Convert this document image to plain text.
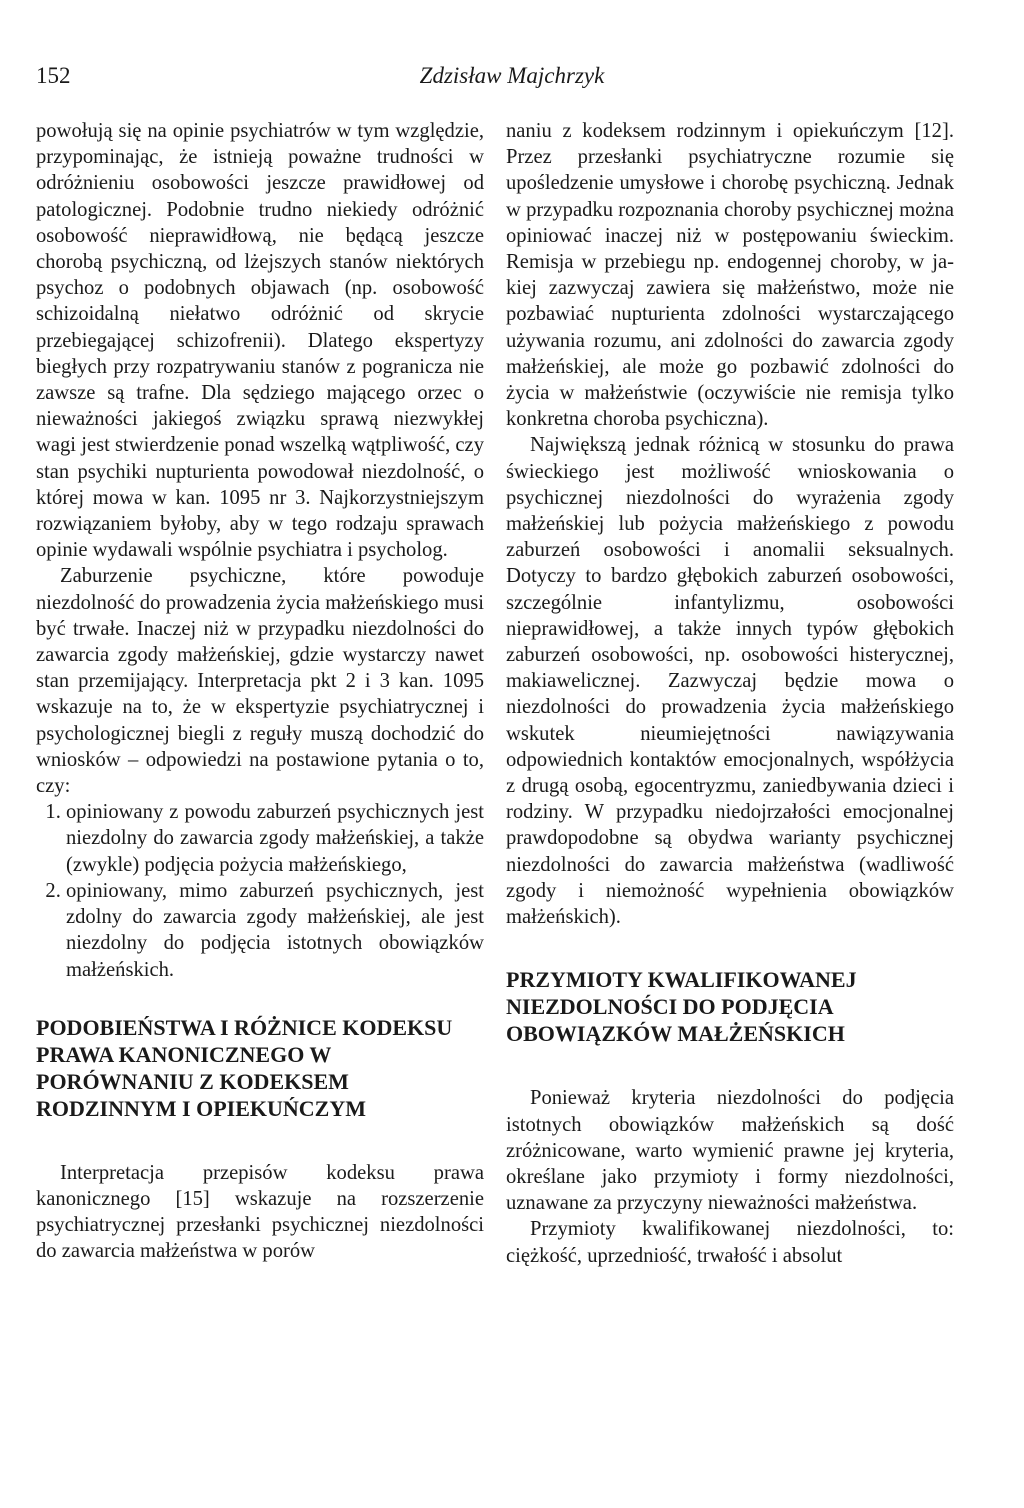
152	Zdzisław Majchrzyk

powołują się na opinie psychiatrów w tym względzie, przypominając, że istnieją poważne trudności w odróżnieniu osobowości jeszcze prawidłowej od patologicznej. Podobnie trudno niekiedy odróżnić osobowość nieprawidłową, nie będącą jeszcze chorobą psychiczną, od lżejszych stanów niektórych psychoz o podobnych objawach (np. osobowość schizoidalną niełatwo odróżnić od skrycie przebiegającej schizofrenii). Dlatego ekspertyzy biegłych przy rozpatrywaniu stanów z pogranicza nie zawsze są trafne. Dla sędziego mającego orzec o nieważności jakiegoś związku sprawą niezwykłej wagi jest stwierdzenie ponad wszelką wątpliwość, czy stan psychiki nupturienta powodował niezdolność, o której mowa w kan. 1095 nr 3. Najkorzystniejszym rozwiązaniem byłoby, aby w tego rodzaju sprawach opinie wydawali wspólnie psychiatra i psycholog.

Zaburzenie psychiczne, które powoduje niezdolność do prowadzenia życia małżeńskiego musi być trwałe. Inaczej niż w przypadku niezdolności do zawarcia zgody małżeńskiej, gdzie wystarczy nawet stan przemijający. Interpretacja pkt 2 i 3 kan. 1095 wskazuje na to, że w ekspertyzie psychiatrycznej i psychologicznej biegli z reguły muszą dochodzić do wniosków – odpowiedzi na postawione pytania o to, czy:

1. opiniowany z powodu zaburzeń psychicznych jest niezdolny do zawarcia zgody małżeńskiej, a także (zwykle) podjęcia pożycia małżeńskiego,
2. opiniowany, mimo zaburzeń psychicznych, jest zdolny do zawarcia zgody małżeńskiej, ale jest niezdolny do podjęcia istotnych obowiązków małżeńskich.
PODOBIEŃSTWA I RÓŻNICE KODEKSU PRAWA KANONICZNEGO W PORÓWNANIU Z KODEKSEM RODZINNYM I OPIEKUŃCZYM

Interpretacja przepisów kodeksu prawa kanonicznego [15] wskazuje na rozszerzenie psychiatrycznej przesłanki psychicznej niezdolności do zawarcia małżeństwa w porów

naniu z kodeksem rodzinnym i opiekuńczym [12]. Przez przesłanki psychiatryczne rozumie się upośledzenie umysłowe i chorobę psychiczną. Jednak w przypadku rozpoznania choroby psychicznej można opiniować inaczej niż w postępowaniu świeckim. Remisja w przebiegu np. endogennej choroby, w jakiej zazwyczaj zawiera się małżeństwo, może nie pozbawiać nupturienta zdolności wystarczającego używania rozumu, ani zdolności do zawarcia zgody małżeńskiej, ale może go pozbawić zdolności do życia w małżeństwie (oczywiście nie remisja tylko konkretna choroba psychiczna).

Największą jednak różnicą w stosunku do prawa świeckiego jest możliwość wnioskowania o psychicznej niezdolności do wyrażenia zgody małżeńskiej lub pożycia małżeńskiego z powodu zaburzeń osobowości i anomalii seksualnych. Dotyczy to bardzo głębokich zaburzeń osobowości, szczególnie infantylizmu, osobowości nieprawidłowej, a także innych typów głębokich zaburzeń osobowości, np. osobowości histerycznej, makiawelicznej. Zazwyczaj będzie mowa o niezdolności do prowadzenia życia małżeńskiego wskutek nieumiejętności nawiązywania odpowiednich kontaktów emocjonalnych, współżycia z drugą osobą, egocentryzmu, zaniedbywania dzieci i rodziny. W przypadku niedojrzałości emocjonalnej prawdopodobne są obydwa warianty psychicznej niezdolności do zawarcia małżeństwa (wadliwość zgody i niemożność wypełnienia obowiązków małżeńskich).

PRZYMIOTY KWALIFIKOWANEJ NIEZDOLNOŚCI DO PODJĘCIA OBOWIĄZKÓW MAŁŻEŃSKICH

Ponieważ kryteria niezdolności do podjęcia istotnych obowiązków małżeńskich są dość zróżnicowane, warto wymienić prawne jej kryteria, określane jako przymioty i formy niezdolności, uznawane za przyczyny nieważności małżeństwa.

Przymioty kwalifikowanej niezdolności, to: ciężkość, uprzedniość, trwałość i absolut
